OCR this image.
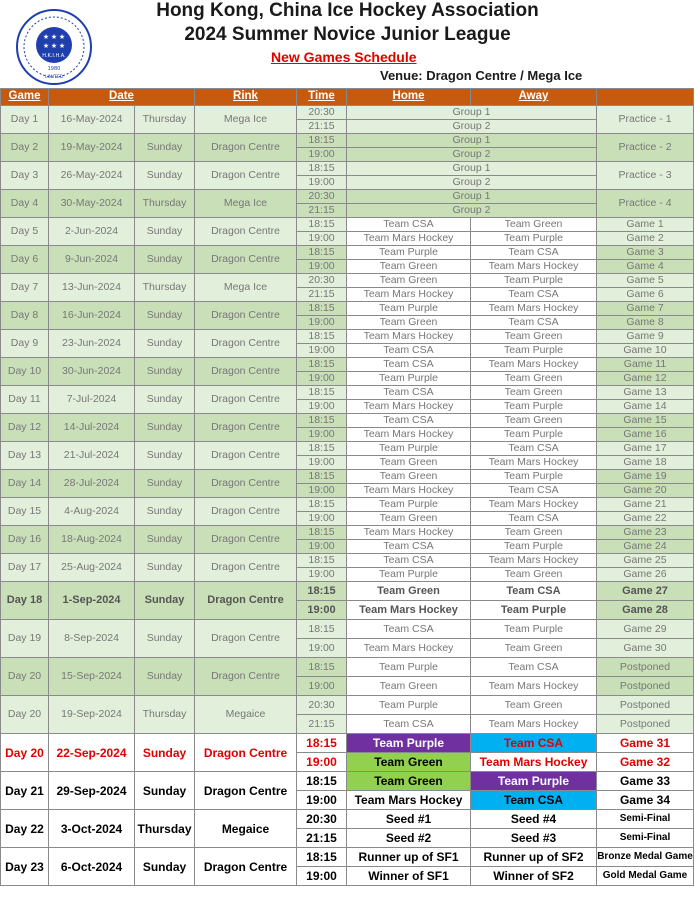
★ ★ ★
★ ★ ★
H.K.I.H.A.
1980
LIMITED
Hong Kong, China Ice Hockey Association
2024 Summer Novice Junior League
New Games Schedule
Venue: Dragon Centre / Mega Ice
Game	Date		Rink	Time	Home	Away	
Day 1	16-May-2024	Thursday	Mega Ice	20:30	Group 1		Practice - 1
				21:15	Group 2		
Day 2	19-May-2024	Sunday	Dragon Centre	18:15	Group 1		Practice - 2
				19:00	Group 2		
Day 3	26-May-2024	Sunday	Dragon Centre	18:15	Group 1		Practice - 3
				19:00	Group 2		
Day 4	30-May-2024	Thursday	Mega Ice	20:30	Group 1		Practice - 4
				21:15	Group 2		
Day 5	2-Jun-2024	Sunday	Dragon Centre	18:15	Team CSA	Team Green	Game 1
				19:00	Team Mars Hockey	Team Purple	Game 2
Day 6	9-Jun-2024	Sunday	Dragon Centre	18:15	Team Purple	Team CSA	Game 3
				19:00	Team Green	Team Mars Hockey	Game 4
Day 7	13-Jun-2024	Thursday	Mega Ice	20:30	Team Green	Team Purple	Game 5
				21:15	Team Mars Hockey	Team CSA	Game 6
Day 8	16-Jun-2024	Sunday	Dragon Centre	18:15	Team Purple	Team Mars Hockey	Game 7
				19:00	Team Green	Team CSA	Game 8
Day 9	23-Jun-2024	Sunday	Dragon Centre	18:15	Team Mars Hockey	Team Green	Game 9
				19:00	Team CSA	Team Purple	Game 10
Day 10	30-Jun-2024	Sunday	Dragon Centre	18:15	Team CSA	Team Mars Hockey	Game 11
				19:00	Team Purple	Team Green	Game 12
Day 11	7-Jul-2024	Sunday	Dragon Centre	18:15	Team CSA	Team Green	Game 13
				19:00	Team Mars Hockey	Team Purple	Game 14
Day 12	14-Jul-2024	Sunday	Dragon Centre	18:15	Team CSA	Team Green	Game 15
				19:00	Team Mars Hockey	Team Purple	Game 16
Day 13	21-Jul-2024	Sunday	Dragon Centre	18:15	Team Purple	Team CSA	Game 17
				19:00	Team Green	Team Mars Hockey	Game 18
Day 14	28-Jul-2024	Sunday	Dragon Centre	18:15	Team Green	Team Purple	Game 19
				19:00	Team Mars Hockey	Team CSA	Game 20
Day 15	4-Aug-2024	Sunday	Dragon Centre	18:15	Team Purple	Team Mars Hockey	Game 21
				19:00	Team Green	Team CSA	Game 22
Day 16	18-Aug-2024	Sunday	Dragon Centre	18:15	Team Mars Hockey	Team Green	Game 23
				19:00	Team CSA	Team Purple	Game 24
Day 17	25-Aug-2024	Sunday	Dragon Centre	18:15	Team CSA	Team Mars Hockey	Game 25
				19:00	Team Purple	Team Green	Game 26
Day 18	1-Sep-2024	Sunday	Dragon Centre	18:15	Team Green	Team CSA	Game 27
				19:00	Team Mars Hockey	Team Purple	Game 28
Day 19	8-Sep-2024	Sunday	Dragon Centre	18:15	Team CSA	Team Purple	Game 29
				19:00	Team Mars Hockey	Team Green	Game 30
Day 20	15-Sep-2024	Sunday	Dragon Centre	18:15	Team Purple	Team CSA	Postponed
				19:00	Team Green	Team Mars Hockey	Postponed
Day 20	19-Sep-2024	Thursday	Megaice	20:30	Team Purple	Team Green	Postponed
				21:15	Team CSA	Team Mars Hockey	Postponed
Day 20	22-Sep-2024	Sunday	Dragon Centre	18:15	Team Purple	Team CSA	Game 31
				19:00	Team Green	Team Mars Hockey	Game 32
Day 21	29-Sep-2024	Sunday	Dragon Centre	18:15	Team Green	Team Purple	Game 33
				19:00	Team Mars Hockey	Team CSA	Game 34
Day 22	3-Oct-2024	Thursday	Megaice	20:30	Seed #1	Seed #4	Semi-Final
				21:15	Seed #2	Seed #3	Semi-Final
Day 23	6-Oct-2024	Sunday	Dragon Centre	18:15	Runner up of SF1	Runner up of SF2	Bronze Medal Game
				19:00	Winner of SF1	Winner of SF2	Gold Medal Game
